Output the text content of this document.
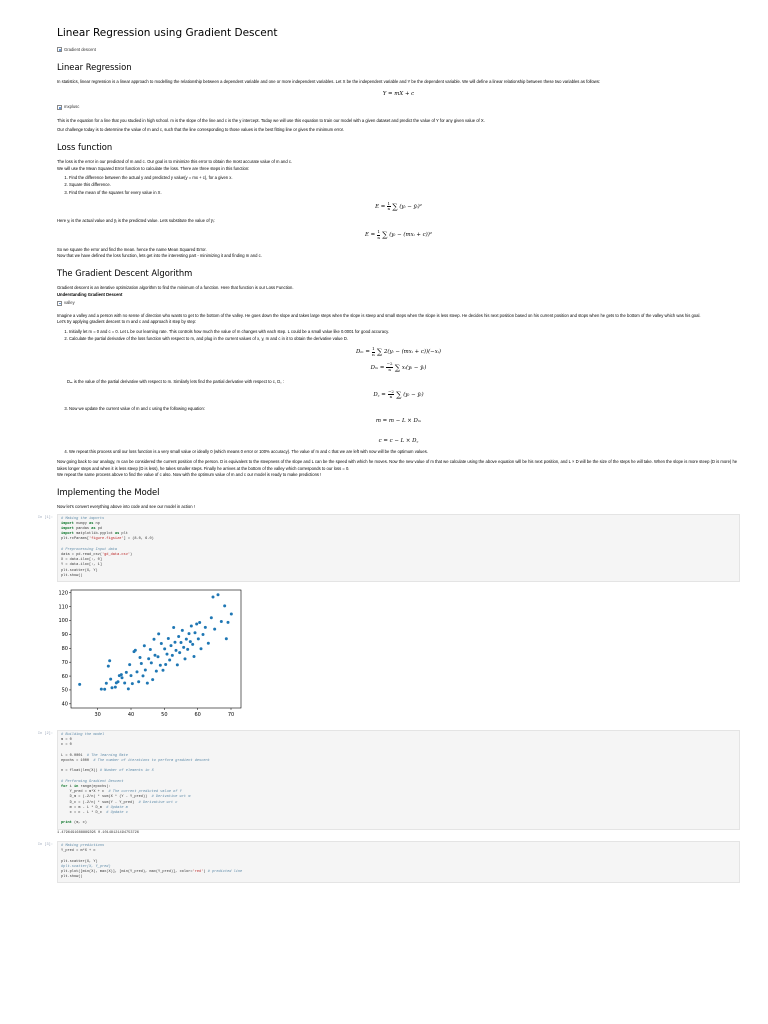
Linear Regression using Gradient Descent
Gradient descent
Linear Regression

In statistics, linear regression is a linear approach to modelling the relationship between a dependent variable and one or more independent variables. Let X be the independent variable and Y be the dependent variable. We will define a linear relationship between these two variables as follows:

Y = mX + c
mxplusc

This is the equation for a line that you studied in high school. m is the slope of the line and c is the y intercept. Today we will use this equation to train our model with a given dataset and predict the value of Y for any given value of X.

Our challenge today is to determine the value of m and c, such that the line corresponding to those values is the best fitting line or gives the minimum error.

Loss function

The loss is the error in our predicted of m and c. Our goal is to minimize this error to obtain the most accurate value of m and c.

We will use the Mean Squared Error function to calculate the loss. There are three steps in this function:

1. Find the difference between the actual y and predicted y value(y = mx + c), for a given x.
2. Square this difference.
3. Find the mean of the squares for every value in X.
$E = \frac{1}{n}$ ∑ (yᵢ − ȳᵢ)²

Here yᵢ is the actual value and ȳᵢ is the predicted value. Lets substitute the value of ȳᵢ:

$E = \frac{1}{n}$ ∑ (yᵢ − (mxᵢ + c))²

So we square the error and find the mean. hence the name Mean Squared Error.

Now that we have defined the loss function, lets get into the interesting part - minimizing it and finding m and c.

The Gradient Descent Algorithm

Gradient descent is an iterative optimization algorithm to find the minimum of a function. Here that function is our Loss Function.

Understanding Gradient Descent

valley

Imagine a valley and a person with no sense of direction who wants to get to the bottom of the valley. He goes down the slope and takes large steps when the slope is steep and small steps when the slope is less steep. He decides his next position based on his current position and stops when he gets to the bottom of the valley which was his goal.

Let's try applying gradient descent to m and c and approach it step by step:

1. Initially let m = 0 and c = 0. Let L be our learning rate. This controls how much the value of m changes with each step. L could be a small value like 0.0001 for good accuracy.
2. Calculate the partial derivative of the loss function with respect to m, and plug in the current values of x, y, m and c in it to obtain the derivative value D.
$D_m = \frac{1}{n}$ ∑ 2(yᵢ − (mxᵢ + c))(−xᵢ)
$D_m = \frac{-2}{n}$ ∑ xᵢ(yᵢ − ȳᵢ)

Dₘ is the value of the partial derivative with respect to m. Similarly lets find the partial derivative with respect to c, D꜀ :

D꜀ = $\frac{-2}{n}$ ∑ (yᵢ − ȳᵢ)
3. Now we update the current value of m and c using the following equation:
m = m − L × Dₘ
c = c − L × D꜀
4. We repeat this process until our loss function is a very small value or ideally 0 (which means 0 error or 100% accuracy). The value of m and c that we are left with now will be the optimum values.

Now going back to our analogy, m can be considered the current position of the person. D is equivalent to the steepness of the slope and L can be the speed with which he moves. Now the new value of m that we calculate using the above equation will be his next position, and L × D will be the size of the steps he will take. When the slope is more steep (D is more) he takes longer steps and when it is less steep (D is less), he takes smaller steps. Finally he arrives at the bottom of the valley which corresponds to our loss = 0.

We repeat the same process above to find the value of c also. Now with the optimum value of m and c our model is ready to make predictions !

Implementing the Model

Now let's convert everything above into code and see our model in action !

In [1]: # Making the imports
import numpy as np
import pandas as pd
import matplotlib.pyplot as plt
plt.rcParams['figure.figsize'] = (8.0, 6.0)

# Preprocessing Input data
data = pd.read_csv('gd_data.csv')
X = data.iloc[:, 0]
Y = data.iloc[:, 1]
plt.scatter(X, Y)
plt.show()
30	40	50	60	70
40
50
60
70
80
90
100
110
120
In [2]: # Building the model
m = 0
c = 0

L = 0.0001  # The learning Rate
epochs = 1000  # The number of iterations to perform gradient descent

n = float(len(X)) # Number of elements in X

# Performing Gradient Descent
for i in range(epochs):
Y_pred = m*X + c  # The current predicted value of Y
D_m = (-2/n) * sum(X * (Y - Y_pred))  # Derivative wrt m
D_c = (-2/n) * sum(Y - Y_pred)  # Derivative wrt c
m = m - L * D_m  # Update m
c = c - L * D_c  # Update c

print (m, c)
1.4796491688889395 0.10148121494753726
In [3]: # Making predictions
Y_pred = m*X + c

plt.scatter(X, Y)
#plt.scatter(X, Y_pred)
plt.plot([min(X), max(X)], [min(Y_pred), max(Y_pred)], color='red') # predicted line
plt.show()
